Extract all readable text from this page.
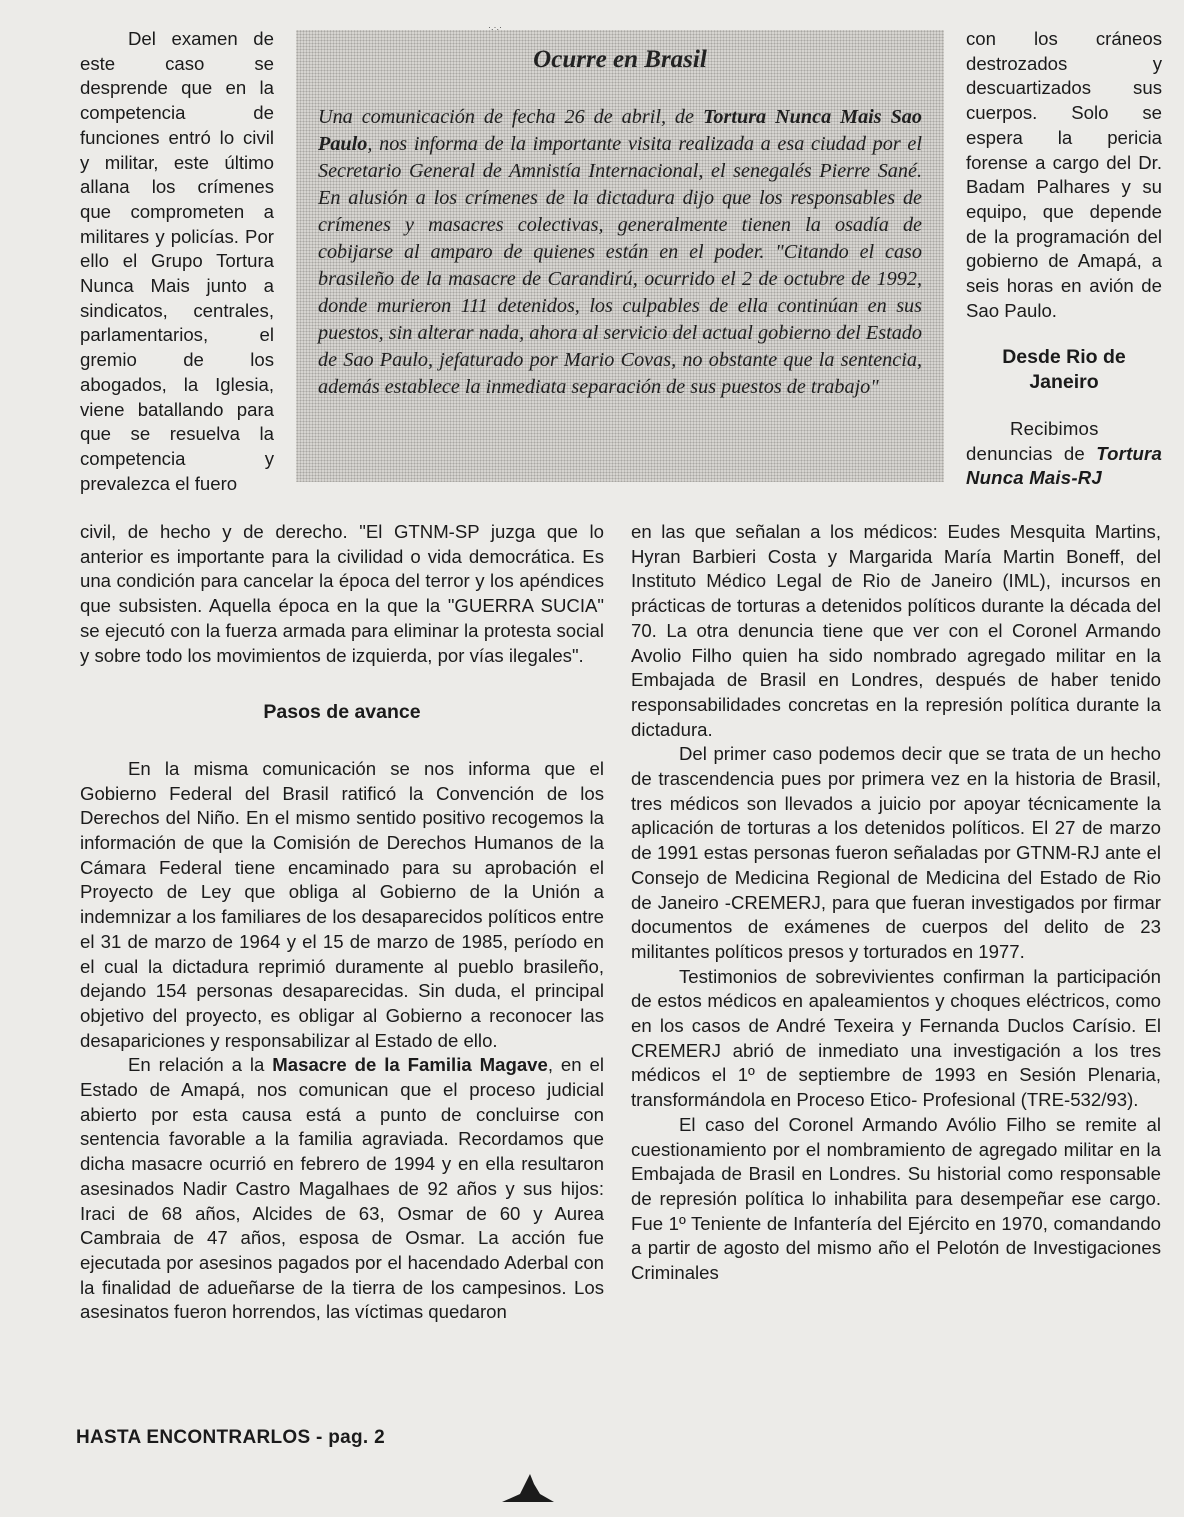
Del examen de este caso se desprende que en la competencia de funciones entró lo civil y militar, este último allana los crímenes que comprometen a militares y policías. Por ello el Grupo Tortura Nunca Mais junto a sindicatos, centrales, parlamentarios, el gremio de los abogados, la Iglesia, viene batallando para que se resuelva la competencia y prevalezca el fuero
Ocurre en Brasil

Una comunicación de fecha 26 de abril, de Tortura Nunca Mais Sao Paulo, nos informa de la importante visita realizada a esa ciudad por el Secretario General de Amnistía Internacional, el senegalés Pierre Sané. En alusión a los crímenes de la dictadura dijo que los responsables de crímenes y masacres colectivas, generalmente tienen la osadía de cobijarse al amparo de quienes están en el poder. "Citando el caso brasileño de la masacre de Carandirú, ocurrido el 2 de octubre de 1992, donde murieron 111 detenidos, los culpables de ella continúan en sus puestos, sin alterar nada, ahora al servicio del actual gobierno del Estado de Sao Paulo, jefaturado por Mario Covas, no obstante que la sentencia, además establece la inmediata separación de sus puestos de trabajo"

·.·.·
con los cráneos destrozados y descuartizados sus cuerpos. Solo se espera la pericia forense a cargo del Dr. Badam Palhares y su equipo, que depende de la programación del gobierno de Amapá, a seis horas en avión de Sao Paulo.
Desde Rio de Janeiro
Recibimos denuncias de Tortura Nunca Mais-RJ

civil, de hecho y de derecho. "El GTNM-SP juzga que lo anterior es importante para la civilidad o vida democrática. Es una condición para cancelar la época del terror y los apéndices que subsisten. Aquella época en la que la "GUERRA SUCIA" se ejecutó con la fuerza armada para eliminar la protesta social y sobre todo los movimientos de izquierda, por vías ilegales".

Pasos de avance

En la misma comunicación se nos informa que el Gobierno Federal del Brasil ratificó la Convención de los Derechos del Niño. En el mismo sentido positivo recogemos la información de que la Comisión de Derechos Humanos de la Cámara Federal tiene encaminado para su aprobación el Proyecto de Ley que obliga al Gobierno de la Unión a indemnizar a los familiares de los desaparecidos políticos entre el 31 de marzo de 1964 y el 15 de marzo de 1985, período en el cual la dictadura reprimió duramente al pueblo brasileño, dejando 154 personas desaparecidas. Sin duda, el principal objetivo del proyecto, es obligar al Gobierno a reconocer las desapariciones y responsabilizar al Estado de ello.

En relación a la Masacre de la Familia Magave, en el Estado de Amapá, nos comunican que el proceso judicial abierto por esta causa está a punto de concluirse con sentencia favorable a la familia agraviada. Recordamos que dicha masacre ocurrió en febrero de 1994 y en ella resultaron asesinados Nadir Castro Magalhaes de 92 años y sus hijos: Iraci de 68 años, Alcides de 63, Osmar de 60 y Aurea Cambraia de 47 años, esposa de Osmar. La acción fue ejecutada por asesinos pagados por el hacendado Aderbal con la finalidad de adueñarse de la tierra de los campesinos. Los asesinatos fueron horrendos, las víctimas quedaron

en las que señalan a los médicos: Eudes Mesquita Martins, Hyran Barbieri Costa y Margarida María Martin Boneff, del Instituto Médico Legal de Rio de Janeiro (IML), incursos en prácticas de torturas a detenidos políticos durante la década del 70. La otra denuncia tiene que ver con el Coronel Armando Avolio Filho quien ha sido nombrado agregado militar en la Embajada de Brasil en Londres, después de haber tenido responsabilidades concretas en la represión política durante la dictadura.

Del primer caso podemos decir que se trata de un hecho de trascendencia pues por primera vez en la historia de Brasil, tres médicos son llevados a juicio por apoyar técnicamente la aplicación de torturas a los detenidos políticos. El 27 de marzo de 1991 estas personas fueron señaladas por GTNM-RJ ante el Consejo de Medicina Regional de Medicina del Estado de Rio de Janeiro -CREMERJ, para que fueran investigados por firmar documentos de exámenes de cuerpos del delito de 23 militantes políticos presos y torturados en 1977.

Testimonios de sobrevivientes confirman la participación de estos médicos en apaleamientos y choques eléctricos, como en los casos de André Texeira y Fernanda Duclos Carísio. El CREMERJ abrió de inmediato una investigación a los tres médicos el 1º de septiembre de 1993 en Sesión Plenaria, transformándola en Proceso Etico- Profesional (TRE-532/93).

El caso del Coronel Armando Avólio Filho se remite al cuestionamiento por el nombramiento de agregado militar en la Embajada de Brasil en Londres. Su historial como responsable de represión política lo inhabilita para desempeñar ese cargo. Fue 1º Teniente de Infantería del Ejército en 1970, comandando a partir de agosto del mismo año el Pelotón de Investigaciones Criminales

HASTA ENCONTRARLOS - pag. 2
